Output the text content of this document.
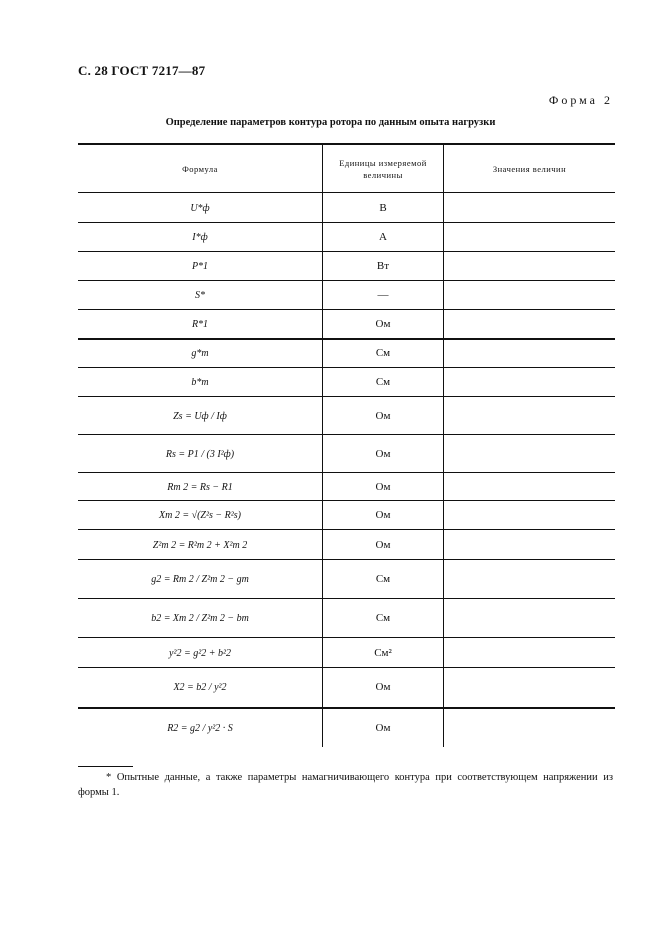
С. 28 ГОСТ 7217—87
Форма 2
Определение параметров контура ротора по данным опыта нагрузки
Формула	Единицы измеряемой величины	Значения величин
U*ф	В	
I*ф	А	
P*1	Вт	
S*	—	
R*1	Ом	
g*m	См	
b*m	См	
Zs = Uф / Iф	Ом	
Rs = P1 / (3 I²ф)	Ом	
Rm 2 = Rs − R1	Ом	
Xm 2 = √(Z²s − R²s)	Ом	
Z²m 2 = R²m 2 + X²m 2	Ом	
g2 = Rm 2 / Z²m 2 − gm	См	
b2 = Xm 2 / Z²m 2 − bm	См	
y²2 = g²2 + b²2	См²	
X2 = b2 / y²2	Ом	
R2 = g2 / y²2 · S	Ом	
* Опытные данные, а также параметры намагничивающего контура при соответствующем напряжении из формы 1.
